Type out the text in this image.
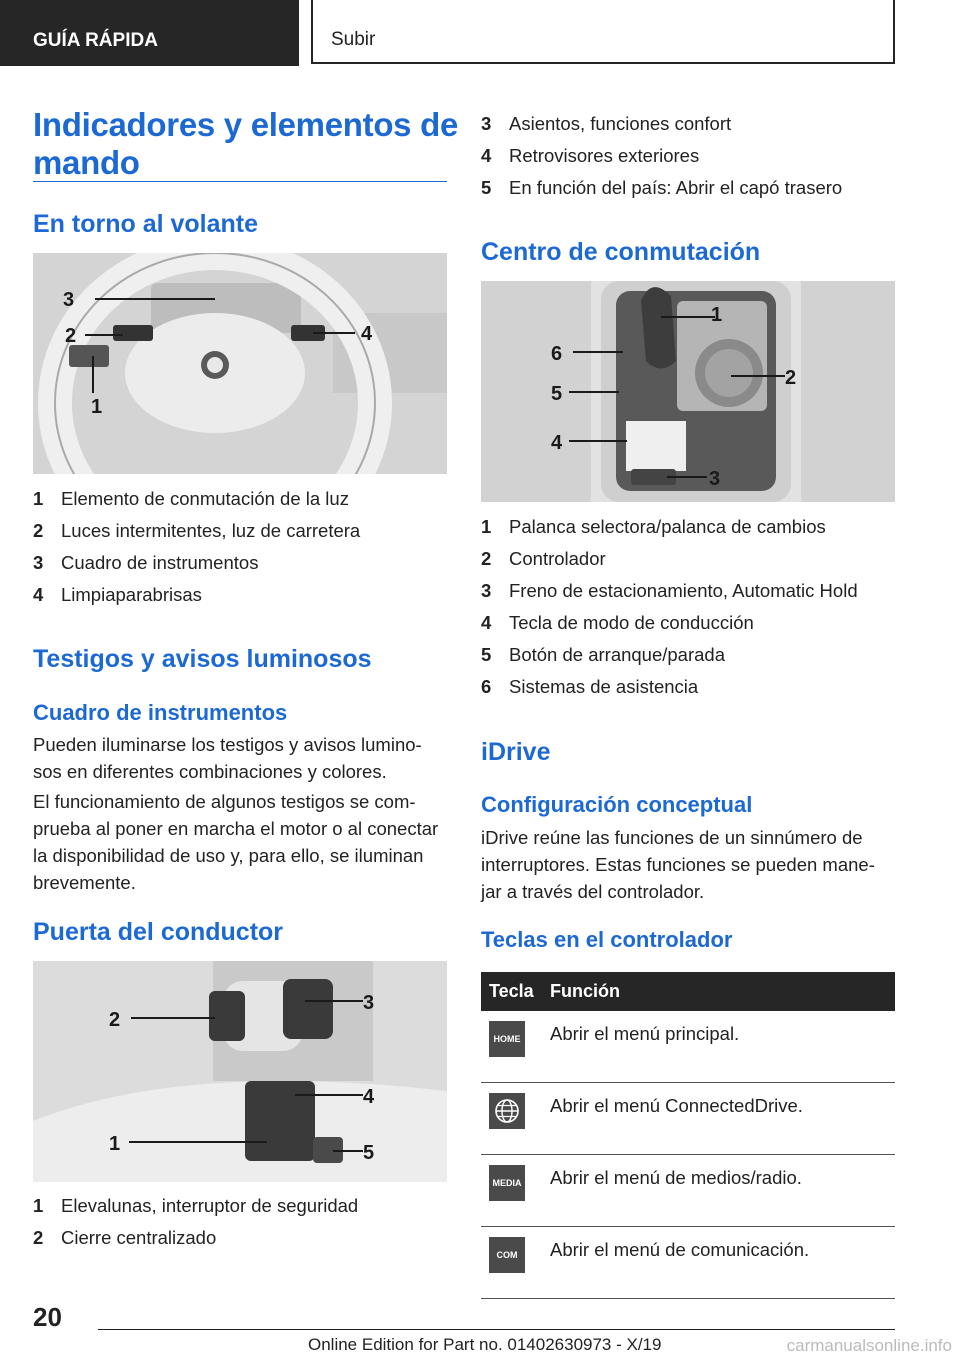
GUÍA RÁPIDA	Subir
Indicadores y elementos de
mando
En torno al volante
1
2
3
4
1 Elemento de conmutación de la luz
2 Luces intermitentes, luz de carretera
3 Cuadro de instrumentos
4 Limpiaparabrisas
Testigos y avisos luminosos
Cuadro de instrumentos

Pueden iluminarse los testigos y avisos lumino-sos en diferentes combinaciones y colores.

El funcionamiento de algunos testigos se com-prueba al poner en marcha el motor o al conectar la disponibilidad de uso y, para ello, se iluminan brevemente.

Puerta del conductor
1
2
3
4
5
1 Elevalunas, interruptor de seguridad
2 Cierre centralizado
3 Asientos, funciones confort
4 Retrovisores exteriores
5 En función del país: Abrir el capó trasero
Centro de conmutación
1
2
3
4
5
6
1 Palanca selectora/palanca de cambios
2 Controlador
3 Freno de estacionamiento, Automatic Hold
4 Tecla de modo de conducción
5 Botón de arranque/parada
6 Sistemas de asistencia
iDrive
Configuración conceptual

iDrive reúne las funciones de un sinnúmero de interruptores. Estas funciones se pueden mane-jar a través del controlador.

Teclas en el controlador
Tecla	Función

HOME	Abrir el menú principal.

	Abrir el menú ConnectedDrive.

MEDIA	Abrir el menú de medios/radio.

COM	Abrir el menú de comunicación.
20
Online Edition for Part no. 01402630973 - X/19	carmanualsonline.info
